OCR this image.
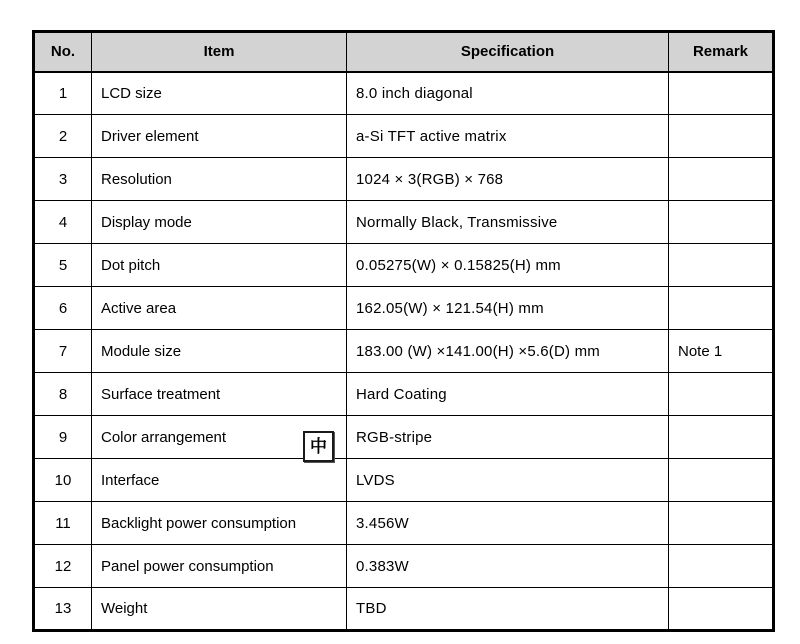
No.	Item	Specification	Remark
1	LCD size	8.0 inch diagonal	
2	Driver element	a-Si TFT active matrix	
3	Resolution	1024 × 3(RGB) × 768	
4	Display mode	Normally Black, Transmissive	
5	Dot pitch	0.05275(W) × 0.15825(H) mm	
6	Active area	162.05(W) × 121.54(H) mm	
7	Module size	183.00 (W) ×141.00(H) ×5.6(D) mm	Note 1
8	Surface treatment	Hard Coating	
9	Color arrangement	RGB-stripe	
10	Interface	LVDS	
11	Backlight power consumption	3.456W	
12	Panel power consumption	0.383W	
13	Weight	TBD	
中
